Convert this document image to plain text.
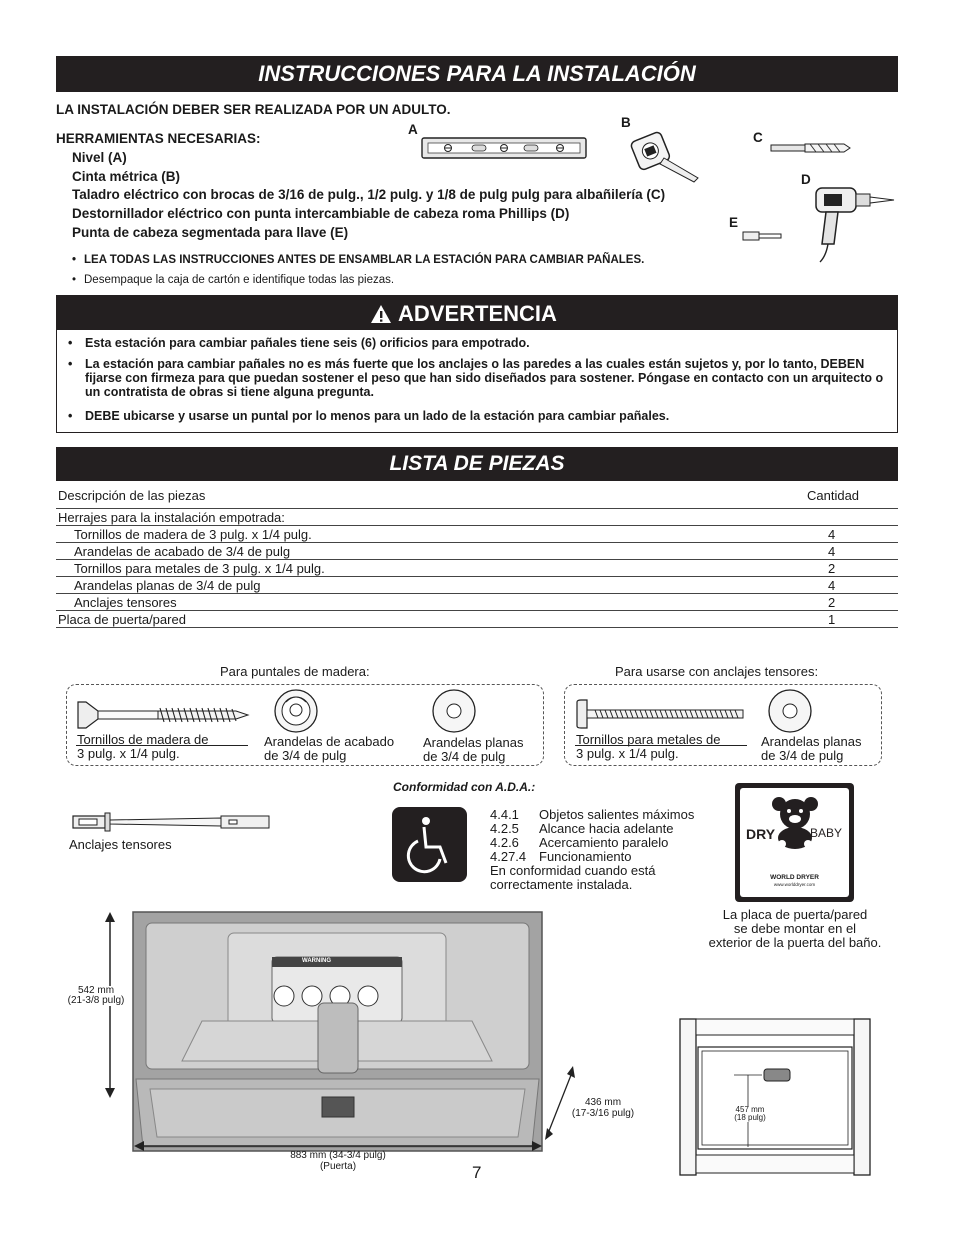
INSTRUCCIONES PARA LA INSTALACIÓN
LA INSTALACIÓN DEBER SER REALIZADA POR UN ADULTO.
HERRAMIENTAS NECESARIAS:
Nivel (A)
Cinta métrica (B)
Taladro eléctrico con brocas de 3/16 de pulg., 1/2 pulg. y 1/8 de pulg pulg para albañilería (C)
Destornillador eléctrico con punta intercambiable de cabeza roma Phillips (D)
Punta de cabeza segmentada para llave (E)
• LEA TODAS LAS INSTRUCCIONES ANTES DE ENSAMBLAR LA ESTACIÓN PARA CAMBIAR PAÑALES.
• Desempaque la caja de cartón e identifique todas las piezas.
A	B
C
D
E
ADVERTENCIA
• Esta estación para cambiar pañales tiene seis (6) orificios para empotrado.
• La estación para cambiar pañales no es más fuerte que los anclajes o las paredes a las cuales están sujetos y, por lo tanto, DEBEN fijarse con firmeza para que puedan sostener el peso que han sido diseñados para sostener. Póngase en contacto con un arquitecto o un contratista de obras si tiene alguna pregunta.
• DEBE ubicarse y usarse un puntal por lo menos para un lado de la estación para cambiar pañales.
LISTA DE PIEZAS
Descripción de las piezas	Cantidad
Herrajes para la instalación empotrada:
Tornillos de madera de 3 pulg. x 1/4 pulg.	4
Arandelas de acabado de 3/4 de pulg	4
Tornillos para metales de 3 pulg. x 1/4 pulg.	2
Arandelas planas de 3/4 de pulg	4
Anclajes tensores	2
Placa de puerta/pared	1
Para puntales de madera:
Tornillos de madera de
3 pulg. x 1/4 pulg.
Arandelas de acabado
de 3/4 de pulg
Arandelas planas
de 3/4 de pulg
Para usarse con anclajes tensores:
Tornillos para metales de
3 pulg. x 1/4 pulg.
Arandelas planas
de 3/4 de pulg
Anclajes tensores
Conformidad con A.D.A.:
4.4.1 Objetos salientes máximos
4.2.5 Alcance hacia adelante
4.2.6 Acercamiento paralelo
4.27.4 Funcionamiento
En conformidad cuando está
correctamente instalada.
DRY	BABY
WORLD DRYER
www.worlddryer.com
La placa de puerta/pared
se debe montar en el
exterior de la puerta del baño.
542 mm
(21-3/8 pulg)
WARNING
883 mm (34-3/4 pulg)
(Puerta)
436 mm
(17-3/16 pulg)
7
457 mm
(18 pulg)
